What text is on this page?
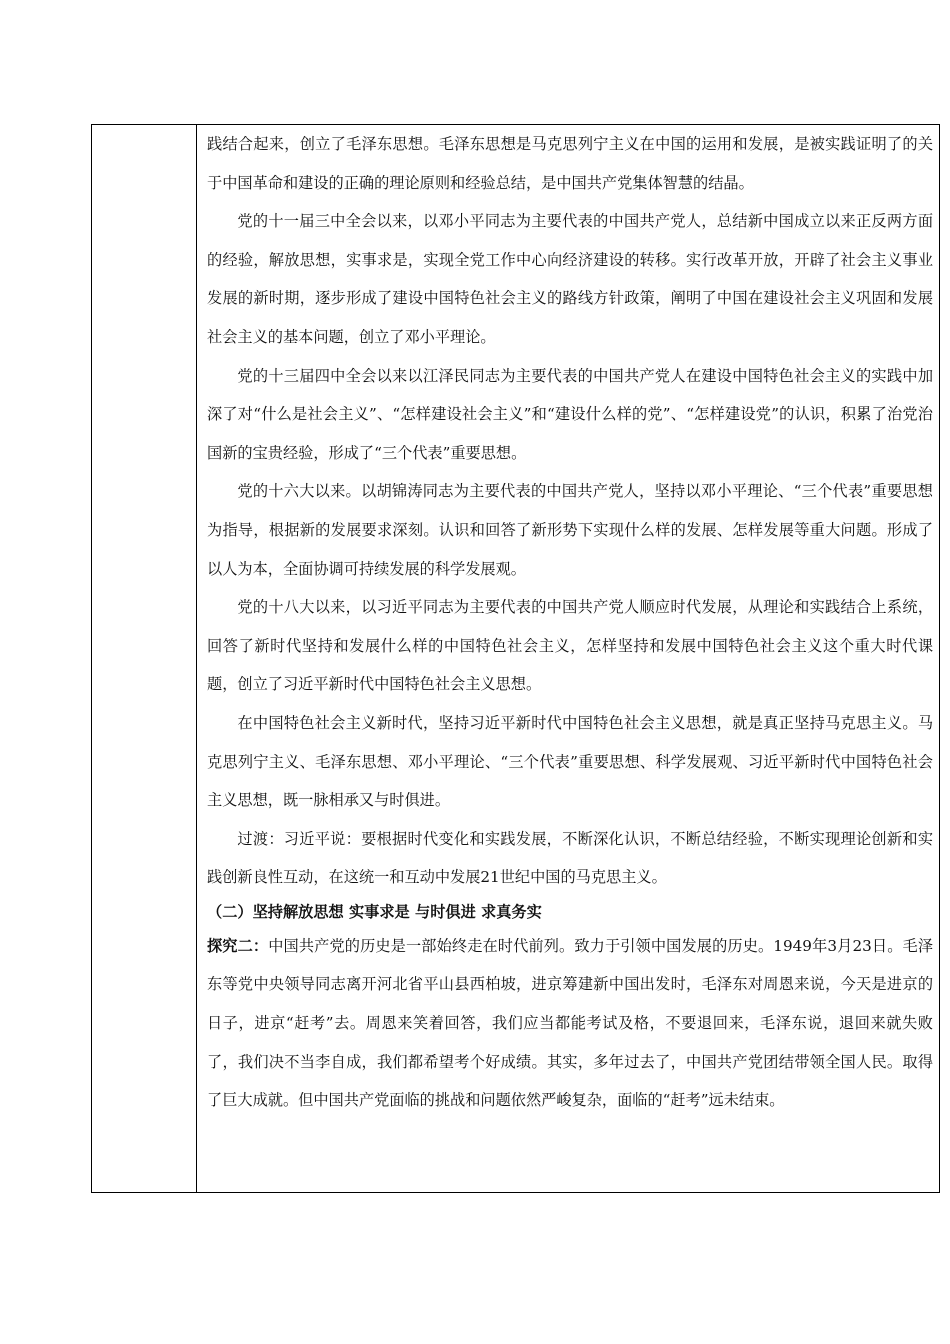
践结合起来，创立了毛泽东思想。毛泽东思想是马克思列宁主义在中国的运用和发展，是被实践证明了的关于中国革命和建设的正确的理论原则和经验总结，是中国共产党集体智慧的结晶。

党的十一届三中全会以来，以邓小平同志为主要代表的中国共产党人，总结新中国成立以来正反两方面的经验，解放思想，实事求是，实现全党工作中心向经济建设的转移。实行改革开放，开辟了社会主义事业发展的新时期，逐步形成了建设中国特色社会主义的路线方针政策，阐明了中国在建设社会主义巩固和发展社会主义的基本问题，创立了邓小平理论。

党的十三届四中全会以来以江泽民同志为主要代表的中国共产党人在建设中国特色社会主义的实践中加深了对“什么是社会主义”、“怎样建设社会主义”和“建设什么样的党”、“怎样建设党”的认识，积累了治党治国新的宝贵经验，形成了“三个代表”重要思想。

党的十六大以来。以胡锦涛同志为主要代表的中国共产党人，坚持以邓小平理论、“三个代表”重要思想为指导，根据新的发展要求深刻。认识和回答了新形势下实现什么样的发展、怎样发展等重大问题。形成了以人为本，全面协调可持续发展的科学发展观。

党的十八大以来，以习近平同志为主要代表的中国共产党人顺应时代发展，从理论和实践结合上系统，回答了新时代坚持和发展什么样的中国特色社会主义，怎样坚持和发展中国特色社会主义这个重大时代课题，创立了习近平新时代中国特色社会主义思想。

在中国特色社会主义新时代，坚持习近平新时代中国特色社会主义思想，就是真正坚持马克思主义。马克思列宁主义、毛泽东思想、邓小平理论、“三个代表”重要思想、科学发展观、习近平新时代中国特色社会主义思想，既一脉相承又与时俱进。

过渡：习近平说：要根据时代变化和实践发展，不断深化认识，不断总结经验，不断实现理论创新和实践创新良性互动，在这统一和互动中发展21世纪中国的马克思主义。

（二）坚持解放思想 实事求是 与时俱进 求真务实

探究二：中国共产党的历史是一部始终走在时代前列。致力于引领中国发展的历史。1949年3月23日。毛泽东等党中央领导同志离开河北省平山县西柏坡，进京筹建新中国出发时，毛泽东对周恩来说，今天是进京的日子，进京“赶考”去。周恩来笑着回答，我们应当都能考试及格，不要退回来，毛泽东说，退回来就失败了，我们决不当李自成，我们都希望考个好成绩。其实，多年过去了，中国共产党团结带领全国人民。取得了巨大成就。但中国共产党面临的挑战和问题依然严峻复杂，面临的“赶考”远未结束。
